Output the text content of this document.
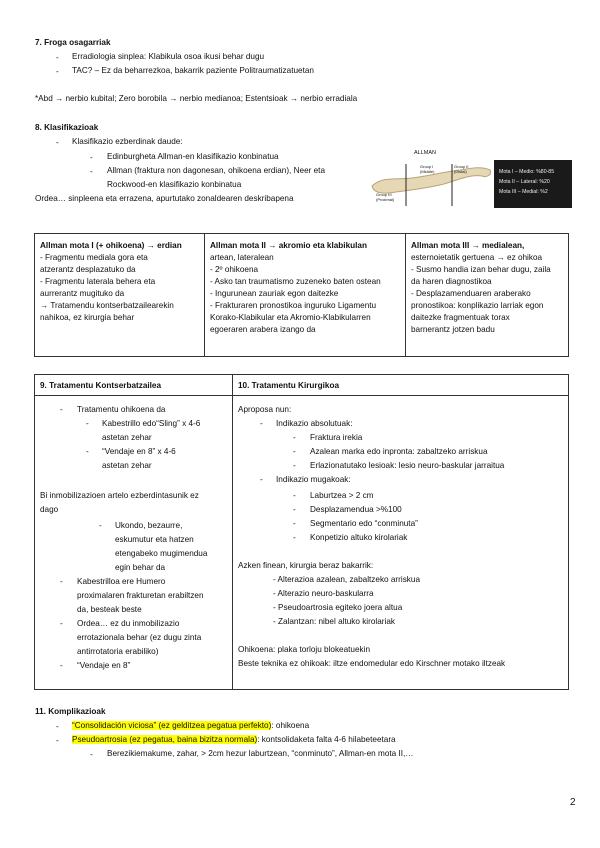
7. Froga osagarriak
- Erradiologia sinplea: Klabikula osoa ikusi behar dugu
- TAC? – Ez da beharrezkoa, bakarrik paziente Politraumatizatuetan
*Abd → nerbio kubital; Zero borobila → nerbio medianoa; Estentsioak → nerbio erradiala
8. Klasifikazioak
- Klasifikazio ezberdinak daude:
- Edinburgheta Allman-en klasifikazio konbinatua
- Allman (fraktura non dagonesan, ohikoena erdian), Neer eta
Rockwood-en klasifikazio konbinatua
Ordea… sinpleena eta errazena, apurtutako zonaldearen deskribapena
ALLMAN
Group I (Middle)
Group II (Distal)
Group III (Proximal)
Mota I – Medio: %80-85
Mota II – Lateral: %20
Mota III – Medial: %2
Allman mota I (+ ohikoena) → erdian
- Fragmentu mediala gora eta
atzerantz desplazatuko da
- Fragmentu laterala behera eta
aurrerantz mugituko da
→ Tratamendu kontserbatzailearekin
nahikoa, ez kirurgia behar
Allman mota II → akromio eta klabikulan
artean, lateralean
- 2º ohikoena
- Asko tan traumatismo zuzeneko baten ostean
- Ingurunean zauriak egon daitezke
- Frakturaren pronostikoa inguruko Ligamentu
Korako-Klabikular eta Akromio-Klabikularren
egoeraren arabera izango da
Allman mota III → medialean,
esternoietatik gertuena → ez ohikoa
- Susmo handia izan behar dugu, zaila
da haren diagnostikoa
- Desplazamenduaren araberako
pronostikoa: konplikazio larriak egon
daitezke fragmentuak torax
barnerantz jotzen badu
9. Tratamentu Kontserbatzailea	10. Tratamentu Kirurgikoa
- Tratamentu ohikoena da
- Kabestrillo edo“Sling” x 4-6
astetan zehar
- “Vendaje en 8” x 4-6
astetan zehar
Bi inmobilizazioen artelo ezberdintasunik ez
dago
- Ukondo, bezaurre,
eskumutur eta hatzen
etengabeko mugimendua
egin behar da
- Kabestrilloa ere Humero
proximalaren frakturetan erabiltzen
da, besteak beste
- Ordea… ez du inmobilizazio
errotazionala behar (ez dugu zinta
antirrotatoria erabiliko)
- “Vendaje en 8”
Aproposa nun:
- Indikazio absolutuak:
- Fraktura irekia
- Azalean marka edo inpronta: zabaltzeko arriskua
- Erlazionatutako lesioak: lesio neuro-baskular jarraitua
- Indikazio mugakoak:
- Laburtzea > 2 cm
- Desplazamendua >%100
- Segmentario edo “conminuta”
- Konpetizio altuko kirolariak
Azken finean, kirurgia beraz bakarrik:
- Alterazioa azalean, zabaltzeko arriskua
- Alterazio neuro-baskularra
- Pseudoartrosia egiteko joera altua
- Zalantzan: nibel altuko kirolariak
Ohikoena: plaka torloju blokeatuekin
Beste teknika ez ohikoak: iltze endomedular edo Kirschner motako iltzeak
11. Komplikazioak
- “Consolidación viciosa” (ez gelditzea pegatua perfekto): ohikoena
- Pseudoartrosia (ez pegatua, baina bizitza normala): kontsolidaketa falta 4-6 hilabeteetara
- Berezikiemakume, zahar, > 2cm hezur laburtzean, “conminuto”, Allman-en mota II,…
2
